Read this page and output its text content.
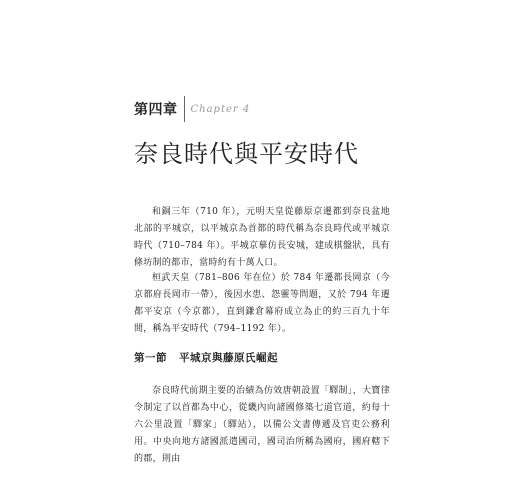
第四章 Chapter 4
奈良時代與平安時代

和銅三年（710 年），元明天皇從藤原京遷都到奈良盆地北部的平城京，以平城京為首都的時代稱為奈良時代或平城京時代（710–784 年）。平城京摹仿長安城，建成棋盤狀，具有條坊制的都市，當時約有十萬人口。

桓武天皇（781–806 年在位）於 784 年遷都長岡京（今京都府長岡市一帶），後因水患、怨靈等問題，又於 794 年遷都平安京（今京都），直到鎌倉幕府成立為止的約三百九十年間，稱為平安時代（794–1192 年）。

第一節 平城京與藤原氏崛起

奈良時代前期主要的治績為仿效唐朝設置「驛制」，大寶律令制定了以首都為中心，從畿內向諸國修築七道官道，約每十六公里設置「驛家」（驛站），以備公文書傳遞及官吏公務利用。中央向地方諸國派遣國司，國司治所稱為國府，國府轄下的郡，則由
